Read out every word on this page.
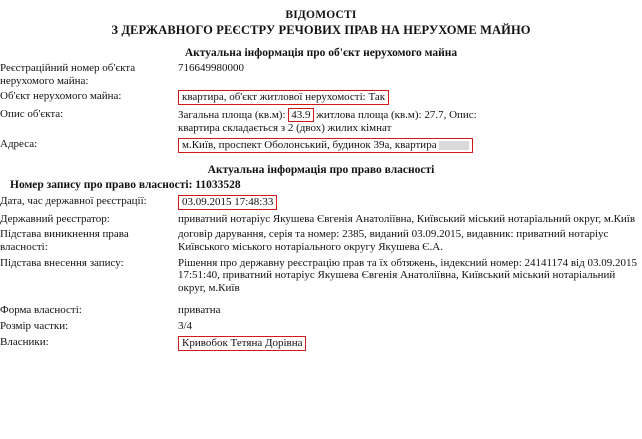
ВІДОМОСТІ
З ДЕРЖАВНОГО РЕЄСТРУ РЕЧОВИХ ПРАВ НА НЕРУХОМЕ МАЙНО
Актуальна інформація про об'єкт нерухомого майна
Реєстраційний номер об'єкта нерухомого майна:	716649980000
Об'єкт нерухомого майна:	квартира, об'єкт житлової нерухомості: Так
Опис об'єкта:	Загальна площа (кв.м): 43.9 житлова площа (кв.м): 27.7, Опис:
квартира складається з 2 (двох) жилих кімнат

Адреса:	м.Київ, проспект Оболонський, будинок 39а, квартира
Актуальна інформація про право власності
Номер запису про право власності: 11033528
Дата, час державної реєстрації:	03.09.2015 17:48:33
Державний реєстратор:	приватний нотаріус Якушева Євгенія Анатоліївна, Київський міський нотаріальний округ, м.Київ
Підстава виникнення права власності:	договір дарування, серія та номер: 2385, виданий 03.09.2015, видавник: приватний нотаріус Київського міського нотаріального округу Якушева Є.А.
Підстава внесення запису:	Рішення про державну реєстрацію прав та їх обтяжень, індексний номер: 24141174 від 03.09.2015 17:51:40, приватний нотаріус Якушева Євгенія Анатоліївна, Київський міський нотаріальний округ, м.Київ

Форма власності:	приватна
Розмір частки:	3/4
Власники:	Кривобок Тетяна Дорівна
